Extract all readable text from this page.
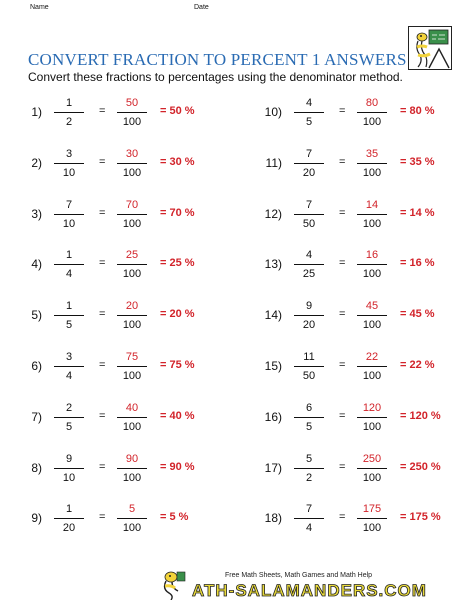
Name	Date
CONVERT FRACTION TO PERCENT 1 ANSWERS
Convert these fractions to percentages using the denominator method.
$1) \frac{1}{2} = \frac{50}{100} = 50$ %
$2) \frac{3}{10} = \frac{30}{100} = 30$ %
$3) \frac{7}{10} = \frac{70}{100} = 70$ %
$4) \frac{1}{4} = \frac{25}{100} = 25$ %
$5) \frac{1}{5} = \frac{20}{100} = 20$ %
$6) \frac{3}{4} = \frac{75}{100} = 75$ %
$7) \frac{2}{5} = \frac{40}{100} = 40$ %
$8) \frac{9}{10} = \frac{90}{100} = 90$ %
$9) \frac{1}{20} = \frac{5}{100} = 5$ %
$10) \frac{4}{5} = \frac{80}{100} = 80$ %
$11) \frac{7}{20} = \frac{35}{100} = 35$ %
$12) \frac{7}{50} = \frac{14}{100} = 14$ %
$13) \frac{4}{25} = \frac{16}{100} = 16$ %
$14) \frac{9}{20} = \frac{45}{100} = 45$ %
$15) \frac{11}{50} = \frac{22}{100} = 22$ %
$16) \frac{6}{5} = \frac{120}{100} = 120$ %
$17) \frac{5}{2} = \frac{250}{100} = 250$ %
$18) \frac{7}{4} = \frac{175}{100} = 175$ %
Free Math Sheets, Math Games and Math Help
ATH-SALAMANDERS.COM
